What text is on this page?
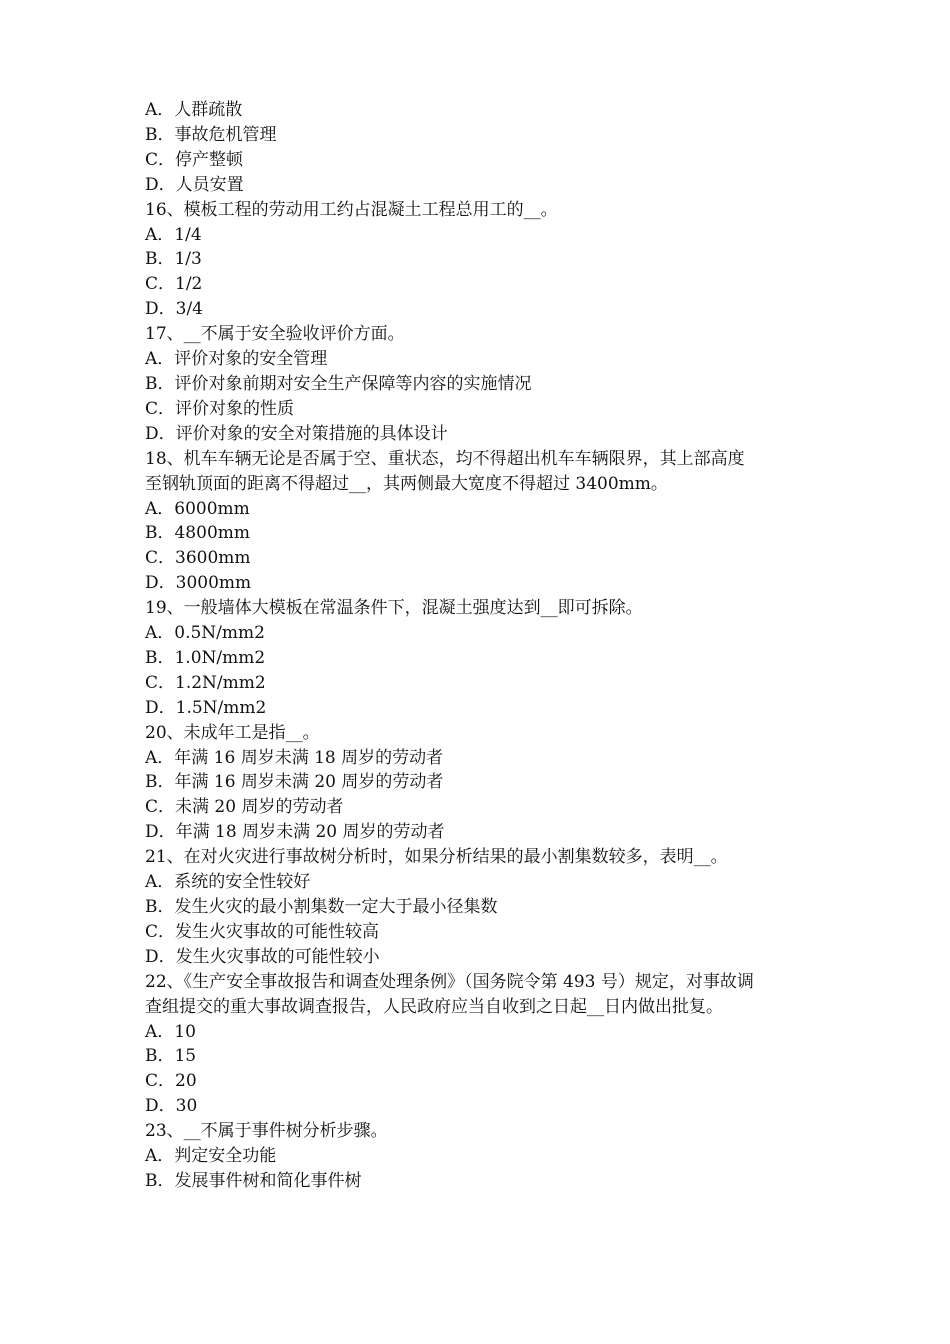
A．人群疏散
B．事故危机管理
C．停产整顿
D．人员安置
16、模板工程的劳动用工约占混凝土工程总用工的__。
A．1/4
B．1/3
C．1/2
D．3/4
17、__不属于安全验收评价方面。
A．评价对象的安全管理
B．评价对象前期对安全生产保障等内容的实施情况
C．评价对象的性质
D．评价对象的安全对策措施的具体设计
18、机车车辆无论是否属于空、重状态，均不得超出机车车辆限界，其上部高度
至钢轨顶面的距离不得超过__，其两侧最大宽度不得超过 3400mm。
A．6000mm
B．4800mm
C．3600mm
D．3000mm
19、一般墙体大模板在常温条件下，混凝土强度达到__即可拆除。
A．0.5N/mm2
B．1.0N/mm2
C．1.2N/mm2
D．1.5N/mm2
20、未成年工是指__。
A．年满 16 周岁未满 18 周岁的劳动者
B．年满 16 周岁未满 20 周岁的劳动者
C．未满 20 周岁的劳动者
D．年满 18 周岁未满 20 周岁的劳动者
21、在对火灾进行事故树分析时，如果分析结果的最小割集数较多，表明__。
A．系统的安全性较好
B．发生火灾的最小割集数一定大于最小径集数
C．发生火灾事故的可能性较高
D．发生火灾事故的可能性较小
22、《生产安全事故报告和调查处理条例》（国务院令第 493 号）规定，对事故调
查组提交的重大事故调查报告，人民政府应当自收到之日起__日内做出批复。
A．10
B．15
C．20
D．30
23、__不属于事件树分析步骤。
A．判定安全功能
B．发展事件树和简化事件树
